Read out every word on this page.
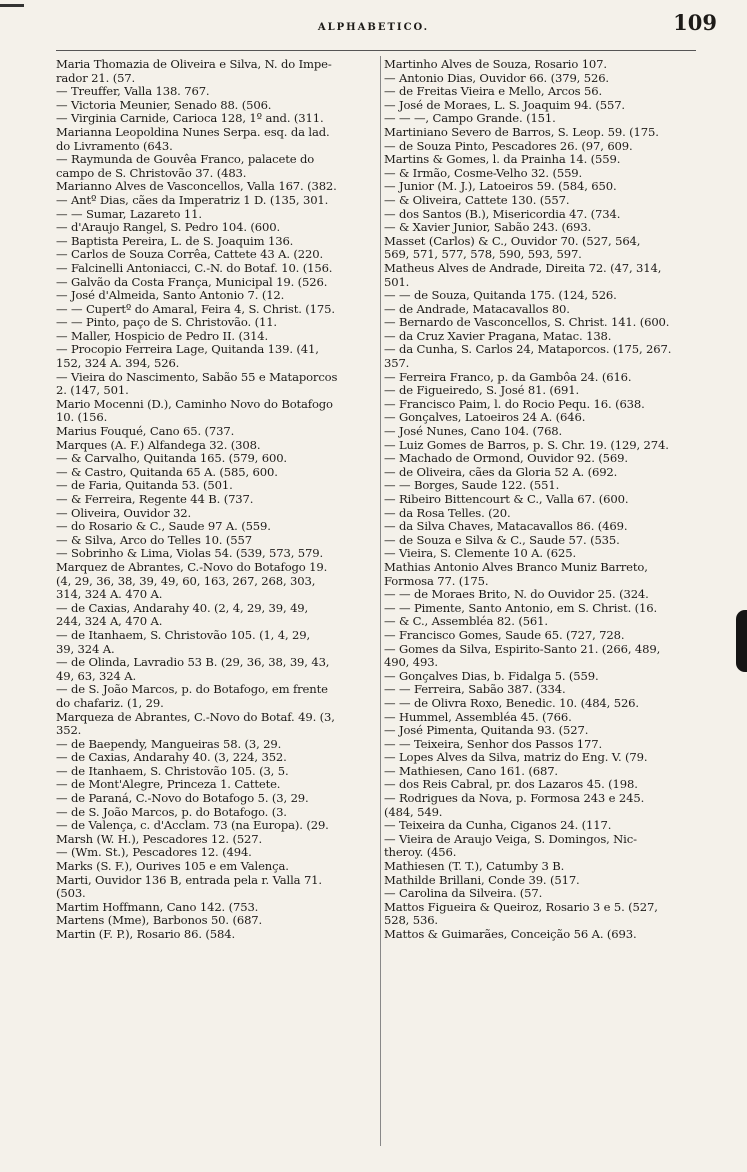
ALPHABETICO.	109
Maria Thomazia de Oliveira e Silva, N. do Impe-
rador 21. (57.
— Treuffer, Valla 138. 767.
— Victoria Meunier, Senado 88. (506.
— Virginia Carnide, Carioca 128, 1º and. (311.
Marianna Leopoldina Nunes Serpa. esq. da lad.
do Livramento (643.
— Raymunda de Gouvêa Franco, palacete do
campo de S. Christovão 37. (483.
Marianno Alves de Vasconcellos, Valla 167. (382.
— Antº Dias, cães da Imperatriz 1 D. (135, 301.
— — Sumar, Lazareto 11.
— d'Araujo Rangel, S. Pedro 104. (600.
— Baptista Pereira, L. de S. Joaquim 136.
— Carlos de Souza Corrêa, Cattete 43 A. (220.
— Falcinelli Antoniacci, C.-N. do Botaf. 10. (156.
— Galvão da Costa França, Municipal 19. (526.
— José d'Almeida, Santo Antonio 7. (12.
— — Cupertº do Amaral, Feira 4, S. Christ. (175.
— — Pinto, paço de S. Christovão. (11.
— Maller, Hospicio de Pedro II. (314.
— Procopio Ferreira Lage, Quitanda 139. (41,
152, 324 A. 394, 526.
— Vieira do Nascimento, Sabão 55 e Mataporcos
2. (147, 501.
Mario Mocenni (D.), Caminho Novo do Botafogo
10. (156.
Marius Fouqué, Cano 65. (737.
Marques (A. F.) Alfandega 32. (308.
— & Carvalho, Quitanda 165. (579, 600.
— & Castro, Quitanda 65 A. (585, 600.
— de Faria, Quitanda 53. (501.
— & Ferreira, Regente 44 B. (737.
— Oliveira, Ouvidor 32.
— do Rosario & C., Saude 97 A. (559.
— & Silva, Arco do Telles 10. (557
— Sobrinho & Lima, Violas 54. (539, 573, 579.
Marquez de Abrantes, C.-Novo do Botafogo 19.
(4, 29, 36, 38, 39, 49, 60, 163, 267, 268, 303,
314, 324 A. 470 A.
— de Caxias, Andarahy 40. (2, 4, 29, 39, 49,
244, 324 A, 470 A.
— de Itanhaem, S. Christovão 105. (1, 4, 29,
39, 324 A.
— de Olinda, Lavradio 53 B. (29, 36, 38, 39, 43,
49, 63, 324 A.
— de S. João Marcos, p. do Botafogo, em frente
do chafariz. (1, 29.
Marqueza de Abrantes, C.-Novo do Botaf. 49. (3,
352.
— de Baependy, Mangueiras 58. (3, 29.
— de Caxias, Andarahy 40. (3, 224, 352.
— de Itanhaem, S. Christovão 105. (3, 5.
— de Mont'Alegre, Princeza 1. Cattete.
— de Paraná, C.-Novo do Botafogo 5. (3, 29.
— de S. João Marcos, p. do Botafogo. (3.
— de Valença, c. d'Acclam. 73 (na Europa). (29.
Marsh (W. H.), Pescadores 12. (527.
— (Wm. St.), Pescadores 12. (494.
Marks (S. F.), Ourives 105 e em Valença.
Marti, Ouvidor 136 B, entrada pela r. Valla 71.
(503.
Martim Hoffmann, Cano 142. (753.
Martens (Mme), Barbonos 50. (687.
Martin (F. P.), Rosario 86. (584.
Martinho Alves de Souza, Rosario 107.
— Antonio Dias, Ouvidor 66. (379, 526.
— de Freitas Vieira e Mello, Arcos 56.
— José de Moraes, L. S. Joaquim 94. (557.
— — —, Campo Grande. (151.
Martiniano Severo de Barros, S. Leop. 59. (175.
— de Souza Pinto, Pescadores 26. (97, 609.
Martins & Gomes, l. da Prainha 14. (559.
— & Irmão, Cosme-Velho 32. (559.
— Junior (M. J.), Latoeiros 59. (584, 650.
— & Oliveira, Cattete 130. (557.
— dos Santos (B.), Misericordia 47. (734.
— & Xavier Junior, Sabão 243. (693.
Masset (Carlos) & C., Ouvidor 70. (527, 564,
569, 571, 577, 578, 590, 593, 597.
Matheus Alves de Andrade, Direita 72. (47, 314,
501.
— — de Souza, Quitanda 175. (124, 526.
— de Andrade, Matacavallos 80.
— Bernardo de Vasconcellos, S. Christ. 141. (600.
— da Cruz Xavier Pragana, Matac. 138.
— da Cunha, S. Carlos 24, Mataporcos. (175, 267.
357.
— Ferreira Franco, p. da Gambôa 24. (616.
— de Figueiredo, S. José 81. (691.
— Francisco Paim, l. do Rocio Pequ. 16. (638.
— Gonçalves, Latoeiros 24 A. (646.
— José Nunes, Cano 104. (768.
— Luiz Gomes de Barros, p. S. Chr. 19. (129, 274.
— Machado de Ormond, Ouvidor 92. (569.
— de Oliveira, cães da Gloria 52 A. (692.
— — Borges, Saude 122. (551.
— Ribeiro Bittencourt & C., Valla 67. (600.
— da Rosa Telles. (20.
— da Silva Chaves, Matacavallos 86. (469.
— de Souza e Silva & C., Saude 57. (535.
— Vieira, S. Clemente 10 A. (625.
Mathias Antonio Alves Branco Muniz Barreto,
Formosa 77. (175.
— — de Moraes Brito, N. do Ouvidor 25. (324.
— — Pimente, Santo Antonio, em S. Christ. (16.
— & C., Assembléa 82. (561.
— Francisco Gomes, Saude 65. (727, 728.
— Gomes da Silva, Espirito-Santo 21. (266, 489,
490, 493.
— Gonçalves Dias, b. Fidalga 5. (559.
— — Ferreira, Sabão 387. (334.
— — de Olivra Roxo, Benedic. 10. (484, 526.
— Hummel, Assembléa 45. (766.
— José Pimenta, Quitanda 93. (527.
— — Teixeira, Senhor dos Passos 177.
— Lopes Alves da Silva, matriz do Eng. V. (79.
— Mathiesen, Cano 161. (687.
— dos Reis Cabral, pr. dos Lazaros 45. (198.
— Rodrigues da Nova, p. Formosa 243 e 245.
(484, 549.
— Teixeira da Cunha, Ciganos 24. (117.
— Vieira de Araujo Veiga, S. Domingos, Nic-
theroy. (456.
Mathiesen (T. T.), Catumby 3 B.
Mathilde Brillani, Conde 39. (517.
— Carolina da Silveira. (57.
Mattos Figueira & Queiroz, Rosario 3 e 5. (527,
528, 536.
Mattos & Guimarães, Conceição 56 A. (693.
